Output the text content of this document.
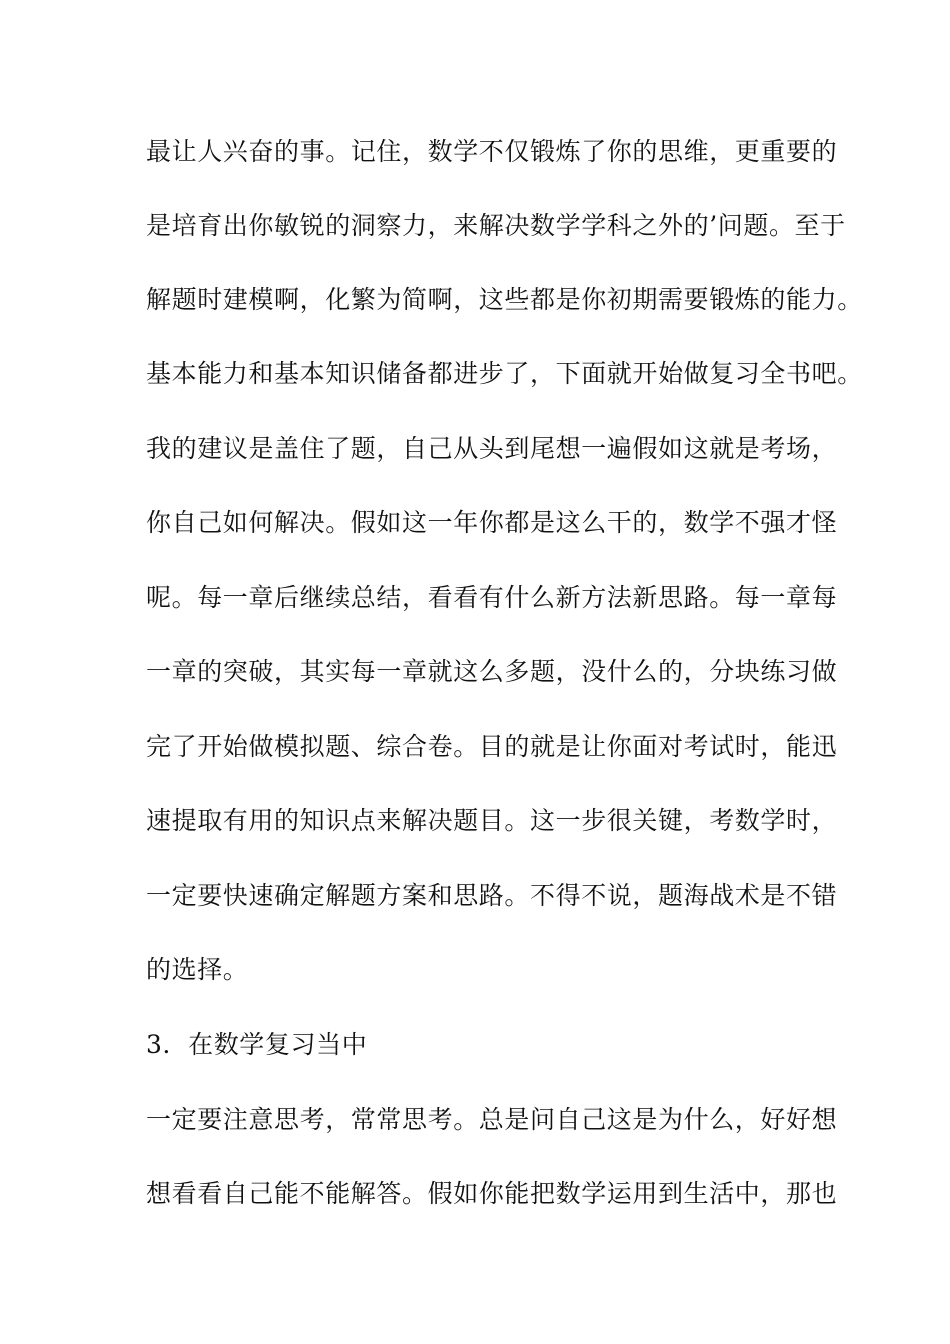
最让人兴奋的事。记住，数学不仅锻炼了你的思维，更重要的
是培育出你敏锐的洞察力，来解决数学学科之外的’问题。至于
解题时建模啊，化繁为简啊，这些都是你初期需要锻炼的能力。
基本能力和基本知识储备都进步了，下面就开始做复习全书吧。
我的建议是盖住了题，自己从头到尾想一遍假如这就是考场，
你自己如何解决。假如这一年你都是这么干的，数学不强才怪
呢。每一章后继续总结，看看有什么新方法新思路。每一章每
一章的突破，其实每一章就这么多题，没什么的，分块练习做
完了开始做模拟题、综合卷。目的就是让你面对考试时，能迅
速提取有用的知识点来解决题目。这一步很关键，考数学时，
一定要快速确定解题方案和思路。不得不说，题海战术是不错
的选择。
3．在数学复习当中
一定要注意思考，常常思考。总是问自己这是为什么，好好想
想看看自己能不能解答。假如你能把数学运用到生活中，那也
